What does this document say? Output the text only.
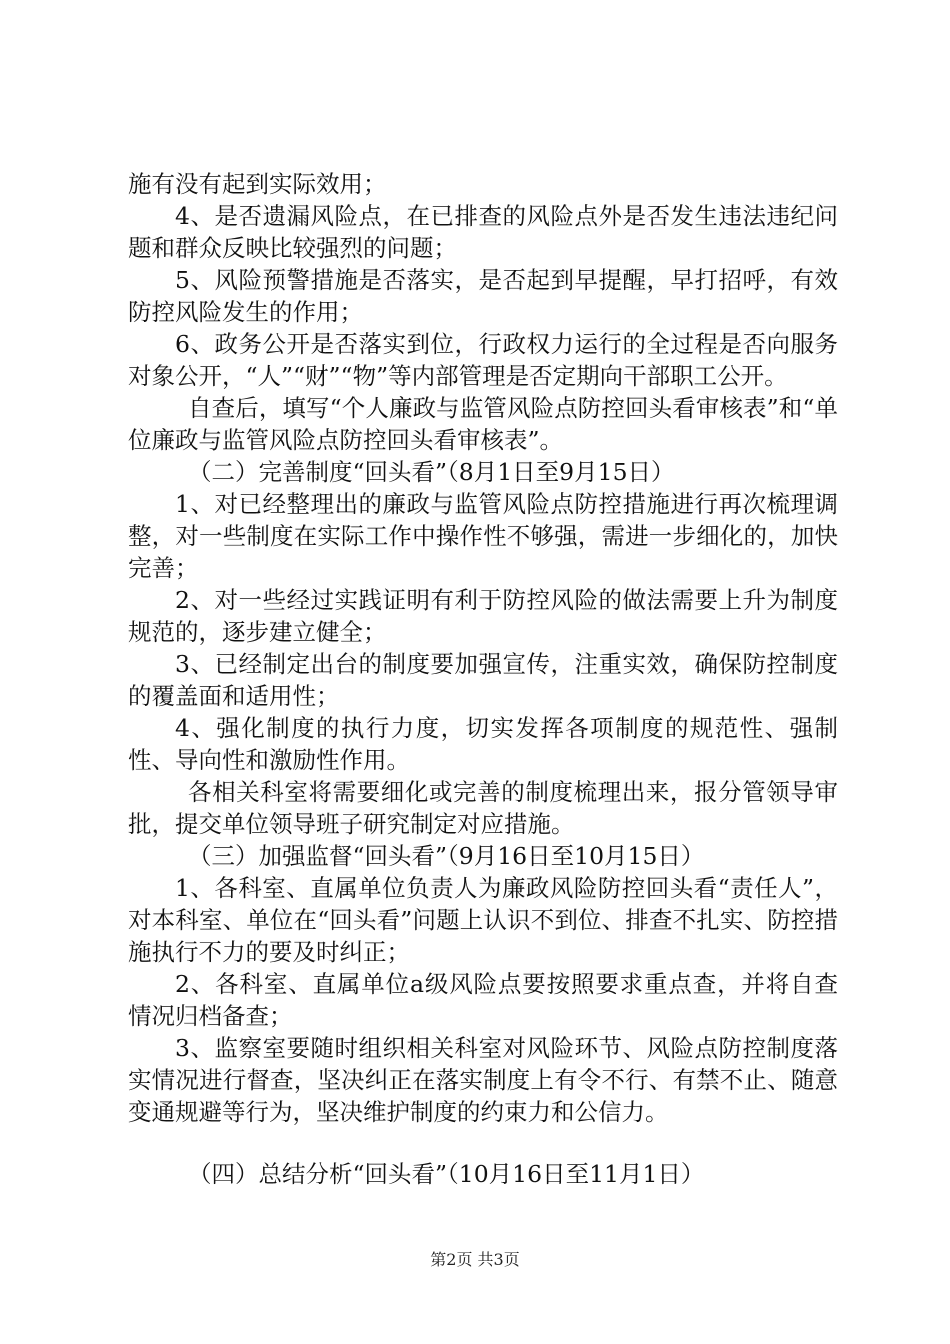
施有没有起到实际效用；

4、是否遗漏风险点，在已排查的风险点外是否发生违法违纪问题和群众反映比较强烈的问题；

5、风险预警措施是否落实，是否起到早提醒，早打招呼，有效防控风险发生的作用；

6、政务公开是否落实到位，行政权力运行的全过程是否向服务对象公开，“人”“财”“物”等内部管理是否定期向干部职工公开。

自查后，填写“个人廉政与监管风险点防控回头看审核表”和“单位廉政与监管风险点防控回头看审核表”。

（二）完善制度“回头看”（8月1日至9月15日）

1、对已经整理出的廉政与监管风险点防控措施进行再次梳理调整，对一些制度在实际工作中操作性不够强，需进一步细化的，加快完善；

2、对一些经过实践证明有利于防控风险的做法需要上升为制度规范的，逐步建立健全；

3、已经制定出台的制度要加强宣传，注重实效，确保防控制度的覆盖面和适用性；

4、强化制度的执行力度，切实发挥各项制度的规范性、强制性、导向性和激励性作用。

各相关科室将需要细化或完善的制度梳理出来，报分管领导审批，提交单位领导班子研究制定对应措施。

（三）加强监督“回头看”（9月16日至10月15日）

1、各科室、直属单位负责人为廉政风险防控回头看“责任人”，对本科室、单位在“回头看”问题上认识不到位、排查不扎实、防控措施执行不力的要及时纠正；

2、各科室、直属单位a级风险点要按照要求重点查，并将自查情况归档备查；

3、监察室要随时组织相关科室对风险环节、风险点防控制度落实情况进行督查，坚决纠正在落实制度上有令不行、有禁不止、随意变通规避等行为，坚决维护制度的约束力和公信力。

（四）总结分析“回头看”（10月16日至11月1日）

第2页 共3页
